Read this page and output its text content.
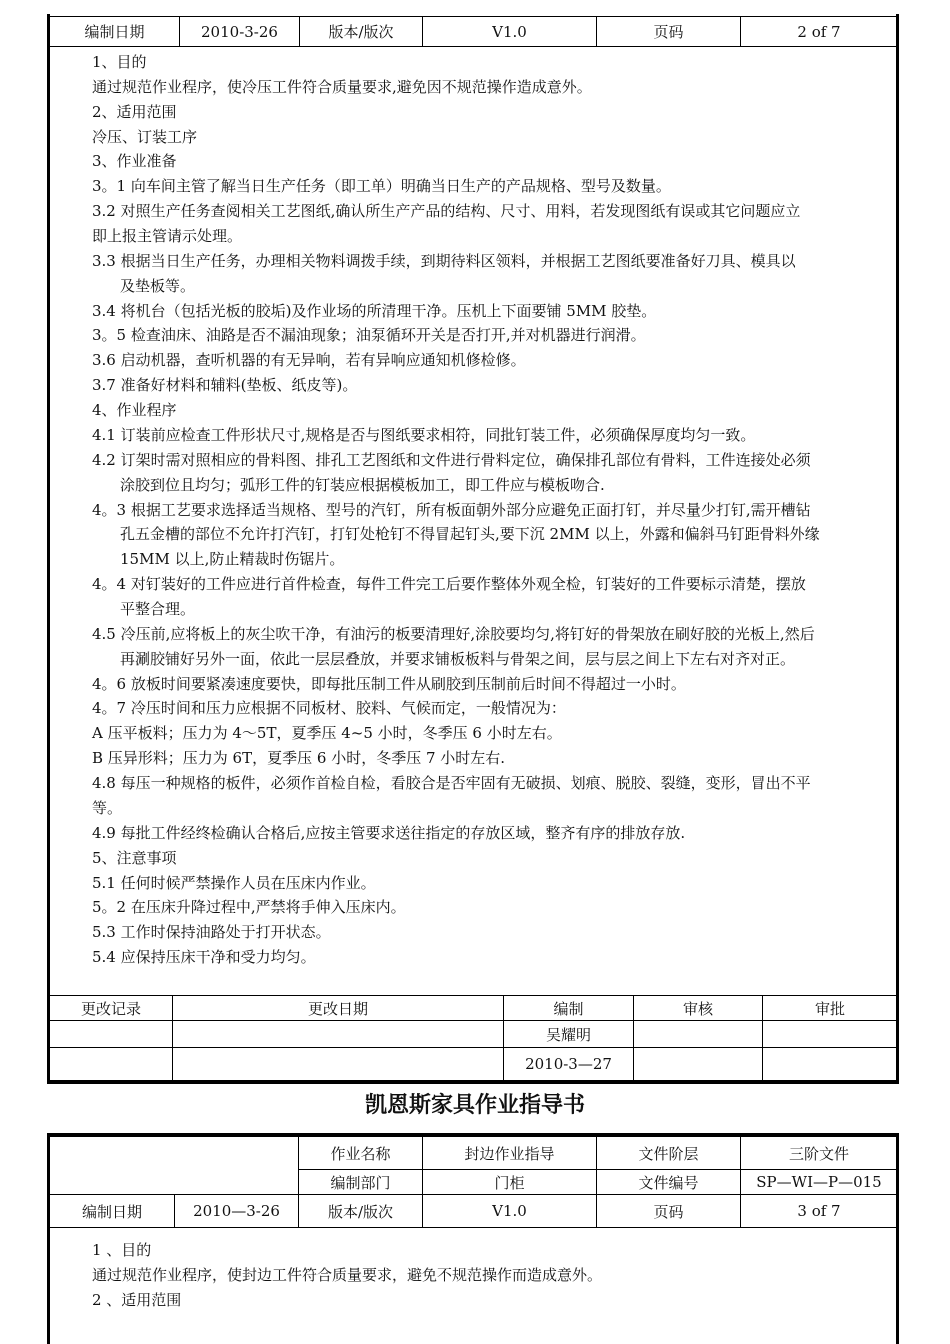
编制日期	2010-3-26	版本/版次	V1.0	页码	2 of 7
1、目的
通过规范作业程序，使冷压工件符合质量要求,避免因不规范操作造成意外。
2、适用范围
冷压、订装工序
3、作业准备
3。1 向车间主管了解当日生产任务（即工单）明确当日生产的产品规格、型号及数量。
3.2 对照生产任务查阅相关工艺图纸,确认所生产产品的结构、尺寸、用料，若发现图纸有误或其它问题应立
即上报主管请示处理。
3.3 根据当日生产任务，办理相关物料调拨手续，到期待料区领料，并根据工艺图纸要准备好刀具、模具以
及垫板等。
3.4 将机台（包括光板的胶垢)及作业场的所清理干净。压机上下面要铺 5MM 胶垫。
3。5 检查油床、油路是否不漏油现象；油泵循环开关是否打开,并对机器进行润滑。
3.6 启动机器，查听机器的有无异响，若有异响应通知机修检修。
3.7 准备好材料和辅料(垫板、纸皮等)。
4、作业程序
4.1 订装前应检查工件形状尺寸,规格是否与图纸要求相符，同批钉装工件，必须确保厚度均匀一致。
4.2 订架时需对照相应的骨料图、排孔工艺图纸和文件进行骨料定位，确保排孔部位有骨料，工件连接处必须
涂胶到位且均匀；弧形工件的钉装应根据模板加工，即工件应与模板吻合.
4。3 根据工艺要求选择适当规格、型号的汽钉，所有板面朝外部分应避免正面打钉，并尽量少打钉,需开槽钻
孔五金槽的部位不允许打汽钉，打钉处枪钉不得冒起钉头,要下沉 2MM 以上，外露和偏斜马钉距骨料外缘
15MM 以上,防止精裁时伤锯片。
4。4 对钉装好的工件应进行首件检查，每件工件完工后要作整体外观全检，钉装好的工件要标示清楚，摆放
平整合理。
4.5 冷压前,应将板上的灰尘吹干净，有油污的板要清理好,涂胶要均匀,将钉好的骨架放在刷好胶的光板上,然后
再涮胶铺好另外一面，依此一层层叠放，并要求铺板板料与骨架之间，层与层之间上下左右对齐对正。
4。6 放板时间要紧凑速度要快，即每批压制工件从刷胶到压制前后时间不得超过一小时。
4。7 冷压时间和压力应根据不同板材、胶料、气候而定，一般情况为：
A 压平板料；压力为 4～5T，夏季压 4~5 小时，冬季压 6 小时左右。
B 压异形料；压力为 6T，夏季压 6 小时，冬季压 7 小时左右.
4.8 每压一种规格的板件，必须作首检自检，看胶合是否牢固有无破损、划痕、脱胶、裂缝，变形，冒出不平
等。
4.9 每批工件经终检确认合格后,应按主管要求送往指定的存放区域，整齐有序的排放存放.
5、注意事项
5.1 任何时候严禁操作人员在压床内作业。
5。2 在压床升降过程中,严禁将手伸入压床内。
5.3 工作时保持油路处于打开状态。
5.4 应保持压床干净和受力均匀。
更改记录	更改日期	编制	审核	审批
		吴耀明		
		2010-3—27		
凯恩斯家具作业指导书
		作业名称	封边作业指导	文件阶层	三阶文件
		编制部门	门柜	文件编号	SP—WI—P—015
编制日期	2010—3-26	版本/版次	V1.0	页码	3 of 7
1 、目的
通过规范作业程序，使封边工件符合质量要求，避免不规范操作而造成意外。
2 、适用范围
